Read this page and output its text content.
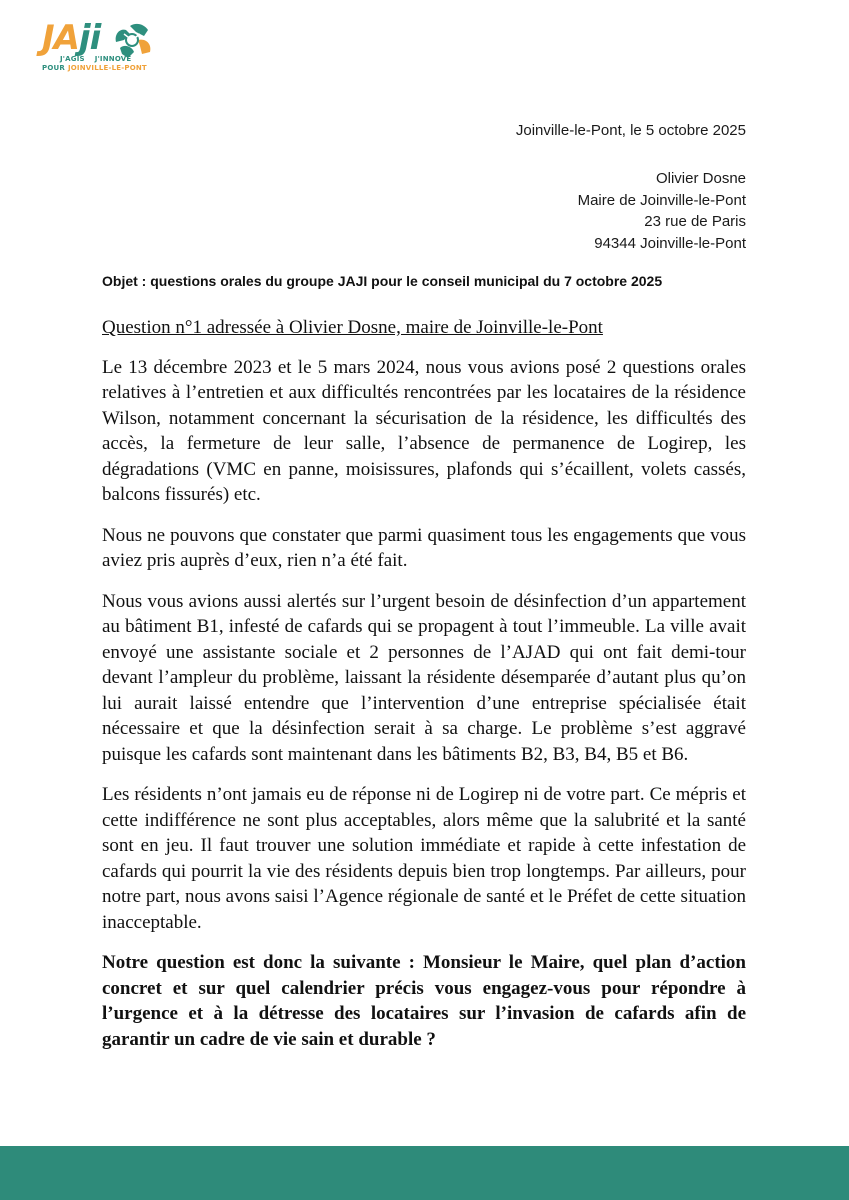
JAji
J'AGIS J'INNOVE
POUR JOINVILLE-LE-PONT
Joinville-le-Pont, le 5 octobre 2025
Olivier Dosne
Maire de Joinville-le-Pont
23 rue de Paris
94344 Joinville-le-Pont
Objet : questions orales du groupe JAJI pour le conseil municipal du 7 octobre 2025

Question n°1 adressée à Olivier Dosne, maire de Joinville-le-Pont

Le 13 décembre 2023 et le 5 mars 2024, nous vous avions posé 2 questions orales relatives à l’entretien et aux difficultés rencontrées par les locataires de la résidence Wilson, notamment concernant la sécurisation de la résidence, les difficultés des accès, la fermeture de leur salle, l’absence de permanence de Logirep, les dégradations (VMC en panne, moisissures, plafonds qui s’écaillent, volets cassés, balcons fissurés) etc.

Nous ne pouvons que constater que parmi quasiment tous les engagements que vous aviez pris auprès d’eux, rien n’a été fait.

Nous vous avions aussi alertés sur l’urgent besoin de désinfection d’un appartement au bâtiment B1, infesté de cafards qui se propagent à tout l’immeuble. La ville avait envoyé une assistante sociale et 2 personnes de l’AJAD qui ont fait demi-tour devant l’ampleur du problème, laissant la résidente désemparée d’autant plus qu’on lui aurait laissé entendre que l’intervention d’une entreprise spécialisée était nécessaire et que la désinfection serait à sa charge. Le problème s’est aggravé puisque les cafards sont maintenant dans les bâtiments B2, B3, B4, B5 et B6.

Les résidents n’ont jamais eu de réponse ni de Logirep ni de votre part. Ce mépris et cette indifférence ne sont plus acceptables, alors même que la salubrité et la santé sont en jeu. Il faut trouver une solution immédiate et rapide à cette infestation de cafards qui pourrit la vie des résidents depuis bien trop longtemps. Par ailleurs, pour notre part, nous avons saisi l’Agence régionale de santé et le Préfet de cette situation inacceptable.

Notre question est donc la suivante : Monsieur le Maire, quel plan d’action concret et sur quel calendrier précis vous engagez-vous pour répondre à l’urgence et à la détresse des locataires sur l’invasion de cafards afin de garantir un cadre de vie sain et durable ?
